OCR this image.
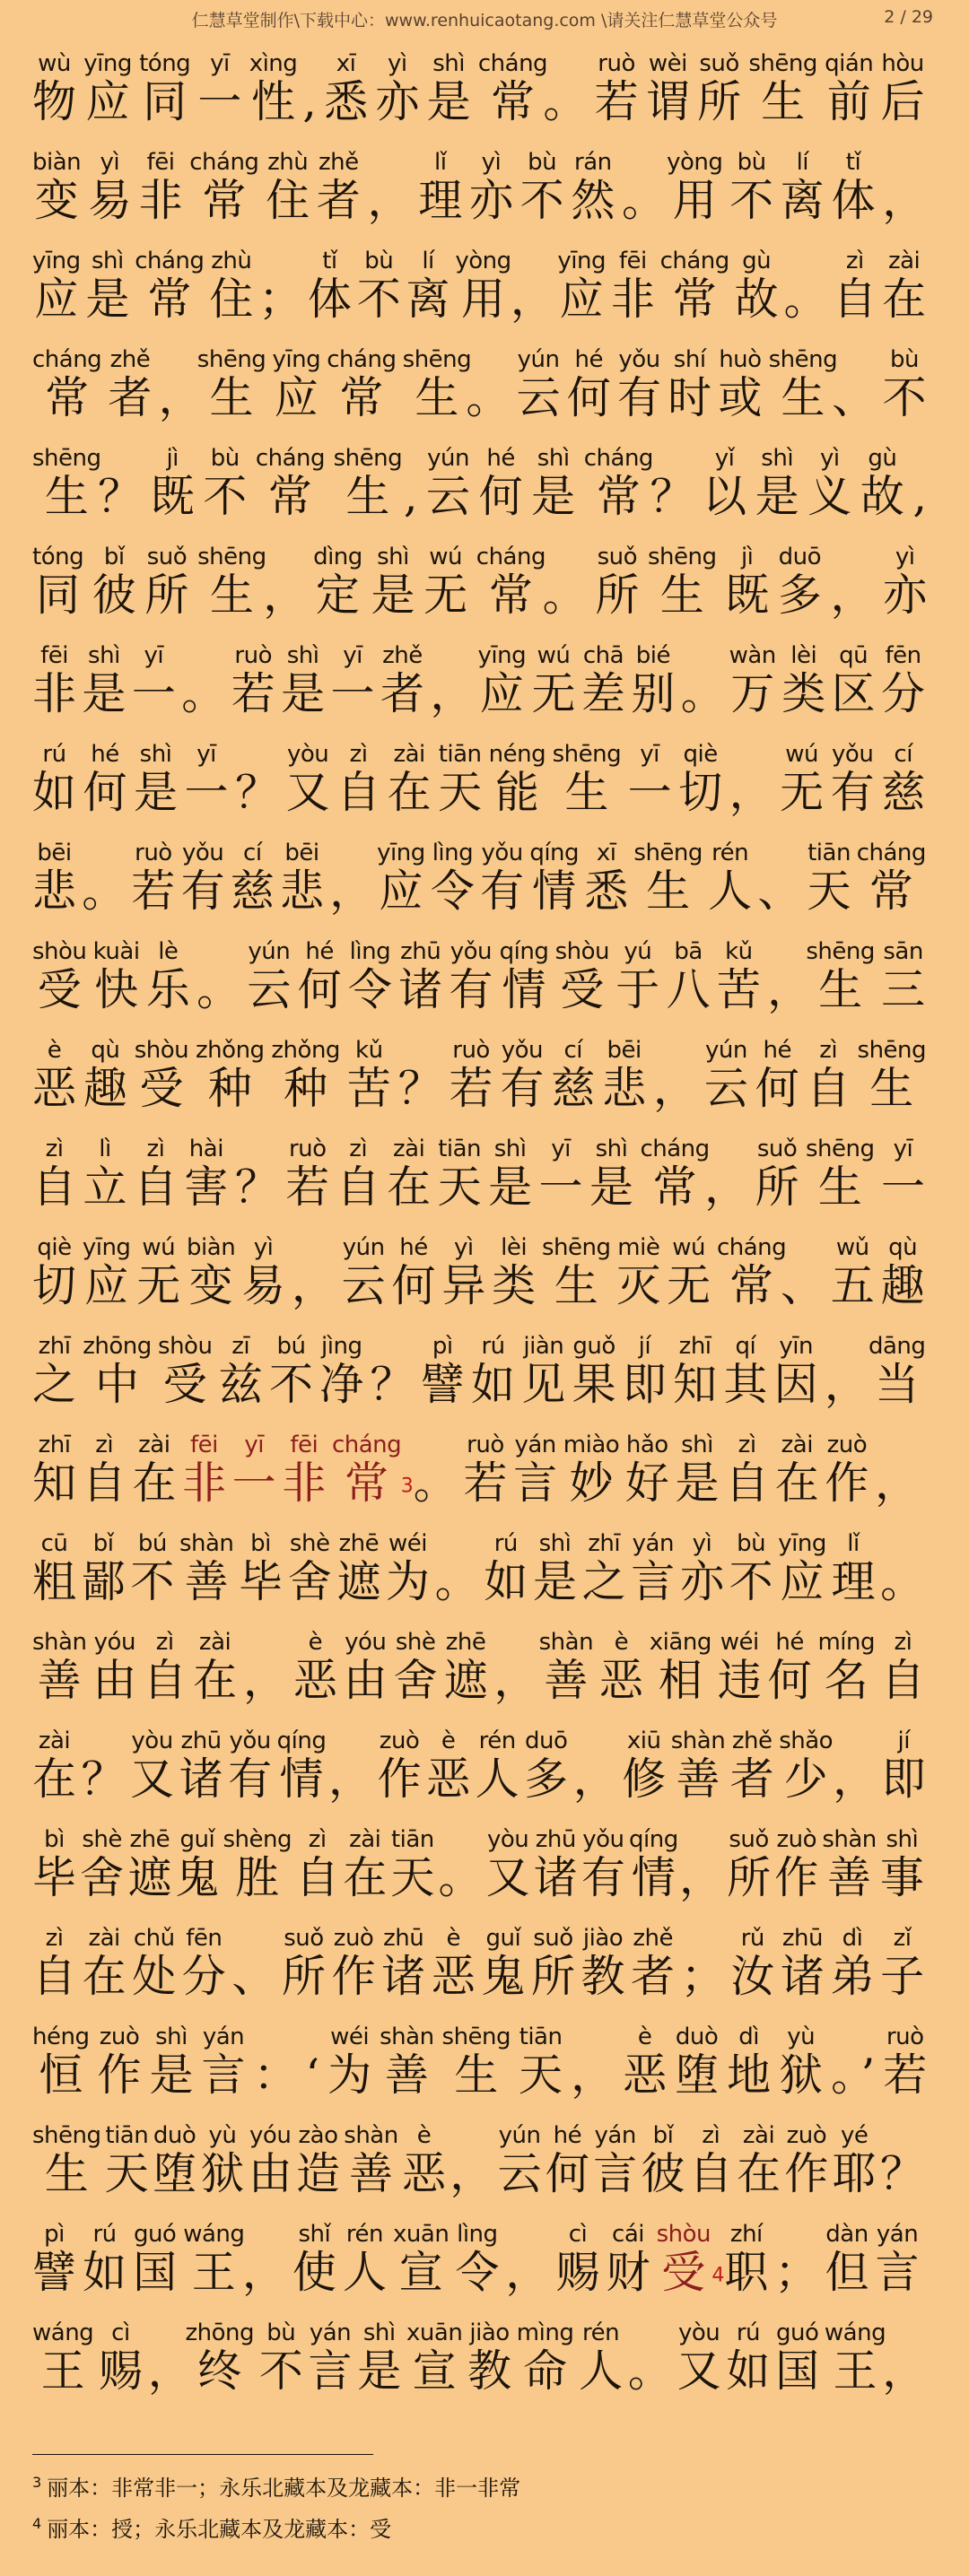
仁慧草堂制作\下载中心：www.renhuicaotang.com \请关注仁慧草堂公众号	2 / 29
物wù应yīng同tóng一yī性xìng, 悉xī亦yì是shì常cháng。 若ruò谓wèi所suǒ生shēng前qián后hòu
变biàn易yì非fēi常cháng住zhù者zhě， 理lǐ亦yì不bù然rán。用yòng不bù离lí体tǐ，
应yīng是shì常cháng住zhù； 体tǐ不bù离lí用yòng，应yīng非fēi常cháng故gù。 自zì在zài
常cháng者zhě，生shēng应yīng常cháng生shēng。 云yún何hé有yǒu时shí或huò生shēng、 不bù
生shēng？ 既jì不bù常cháng生shēng, 云yún何hé是shì常cháng？ 以yǐ是shì义yì故gù,
同tóng彼bǐ所suǒ生shēng， 定dìng是shì无wú常cháng。 所suǒ生shēng既jì多duō， 亦yì
非fēi是shì一yī。 若ruò是shì一yī者zhě，应yīng无wú差chā别bié。万wàn类lèi区qū分fēn
如rú何hé是shì一yī？ 又yòu自zì在zài天tiān能néng生shēng一yī切qiè， 无wú有yǒu慈cí
悲bēi。 若ruò有yǒu慈cí悲bēi，应yīng令lìng有yǒu情qíng悉xī生shēng人rén、 天tiān常cháng
受shòu快kuài乐lè。 云yún何hé令lìng诸zhū有yǒu情qíng受shòu于yú八bā苦kǔ，生shēng三sān
恶è趣qù受shòu种zhǒng种zhǒng苦kǔ？ 若ruò有yǒu慈cí悲bēi， 云yún何hé自zì生shēng
自zì立lì自zì害hài？ 若ruò自zì在zài天tiān是shì一yī是shì常cháng， 所suǒ生shēng一yī
切qiè应yīng无wú变biàn易yì， 云yún何hé异yì类lèi生shēng灭miè无wú常cháng、 五wǔ趣qù
之zhī中zhōng受shòu兹zī不bú净jìng？ 譬pì如rú见jiàn果guǒ即jí知zhī其qí因yīn，当dāng
知zhī自zì在zài非fēi一yī非fēi常cháng3。 若ruò言yán妙miào好hǎo是shì自zì在zài作zuò，
粗cū鄙bǐ不bú善shàn毕bì舍shè遮zhē为wéi。 如rú是shì之zhī言yán亦yì不bù应yīng理lǐ。
善shàn由yóu自zì在zài， 恶è由yóu舍shè遮zhē，善shàn恶è相xiāng违wéi何hé名míng自zì
在zài？ 又yòu诸zhū有yǒu情qíng， 作zuò恶è人rén多duō， 修xiū善shàn者zhě少shǎo， 即jí
毕bì舍shè遮zhē鬼guǐ胜shèng自zì在zài天tiān。又yòu诸zhū有yǒu情qíng，所suǒ作zuò善shàn事shì
自zì在zài处chǔ分fēn、 所suǒ作zuò诸zhū恶è鬼guǐ所suǒ教jiào者zhě； 汝rǔ诸zhū弟dì子zǐ
恒héng作zuò是shì言yán： ‘ 为wéi善shàn生shēng天tiān， 恶è堕duò地dì狱yù。 ’ 若ruò
生shēng天tiān堕duò狱yù由yóu造zào善shàn恶è，云yún何hé言yán彼bǐ自zì在zài作zuò耶yé？
譬pì如rú国guó王wáng， 使shǐ人rén宣xuān令lìng， 赐cì财cái受shòu4职zhí； 但dàn言yán
王wáng赐cì，终zhōng不bù言yán是shì宣xuān教jiào命mìng人rén。 又yòu如rú国guó王wáng，
$^3$ 丽本：非常非一；永乐北藏本及龙藏本：非一非常
$^4$ 丽本：授；永乐北藏本及龙藏本：受
